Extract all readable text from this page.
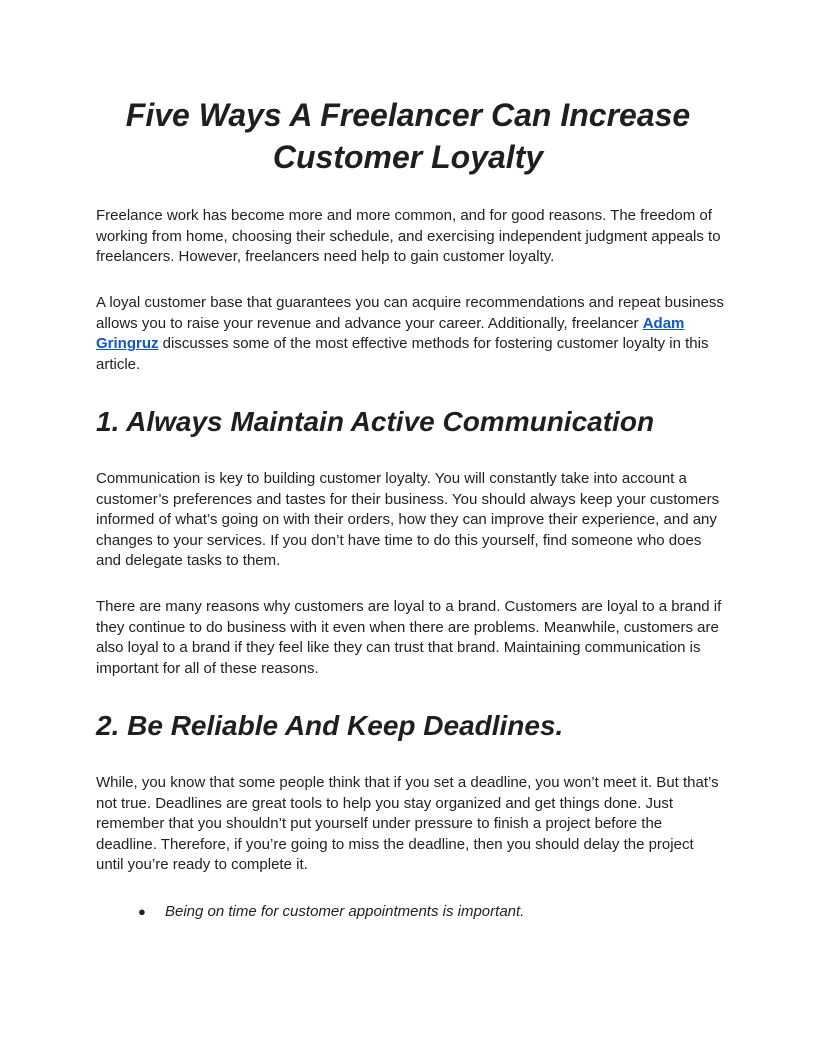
Five Ways A Freelancer Can Increase Customer Loyalty

Freelance work has become more and more common, and for good reasons. The freedom of working from home, choosing their schedule, and exercising independent judgment appeals to freelancers. However, freelancers need help to gain customer loyalty.

A loyal customer base that guarantees you can acquire recommendations and repeat business allows you to raise your revenue and advance your career. Additionally, freelancer Adam Gringruz discusses some of the most effective methods for fostering customer loyalty in this article.

1. Always Maintain Active Communication

Communication is key to building customer loyalty. You will constantly take into account a customer’s preferences and tastes for their business. You should always keep your customers informed of what’s going on with their orders, how they can improve their experience, and any changes to your services. If you don’t have time to do this yourself, find someone who does and delegate tasks to them.

There are many reasons why customers are loyal to a brand. Customers are loyal to a brand if they continue to do business with it even when there are problems. Meanwhile, customers are also loyal to a brand if they feel like they can trust that brand. Maintaining communication is important for all of these reasons.

2. Be Reliable And Keep Deadlines.

While, you know that some people think that if you set a deadline, you won’t meet it. But that’s not true. Deadlines are great tools to help you stay organized and get things done. Just remember that you shouldn’t put yourself under pressure to finish a project before the deadline. Therefore, if you’re going to miss the deadline, then you should delay the project until you’re ready to complete it.

● Being on time for customer appointments is important.
